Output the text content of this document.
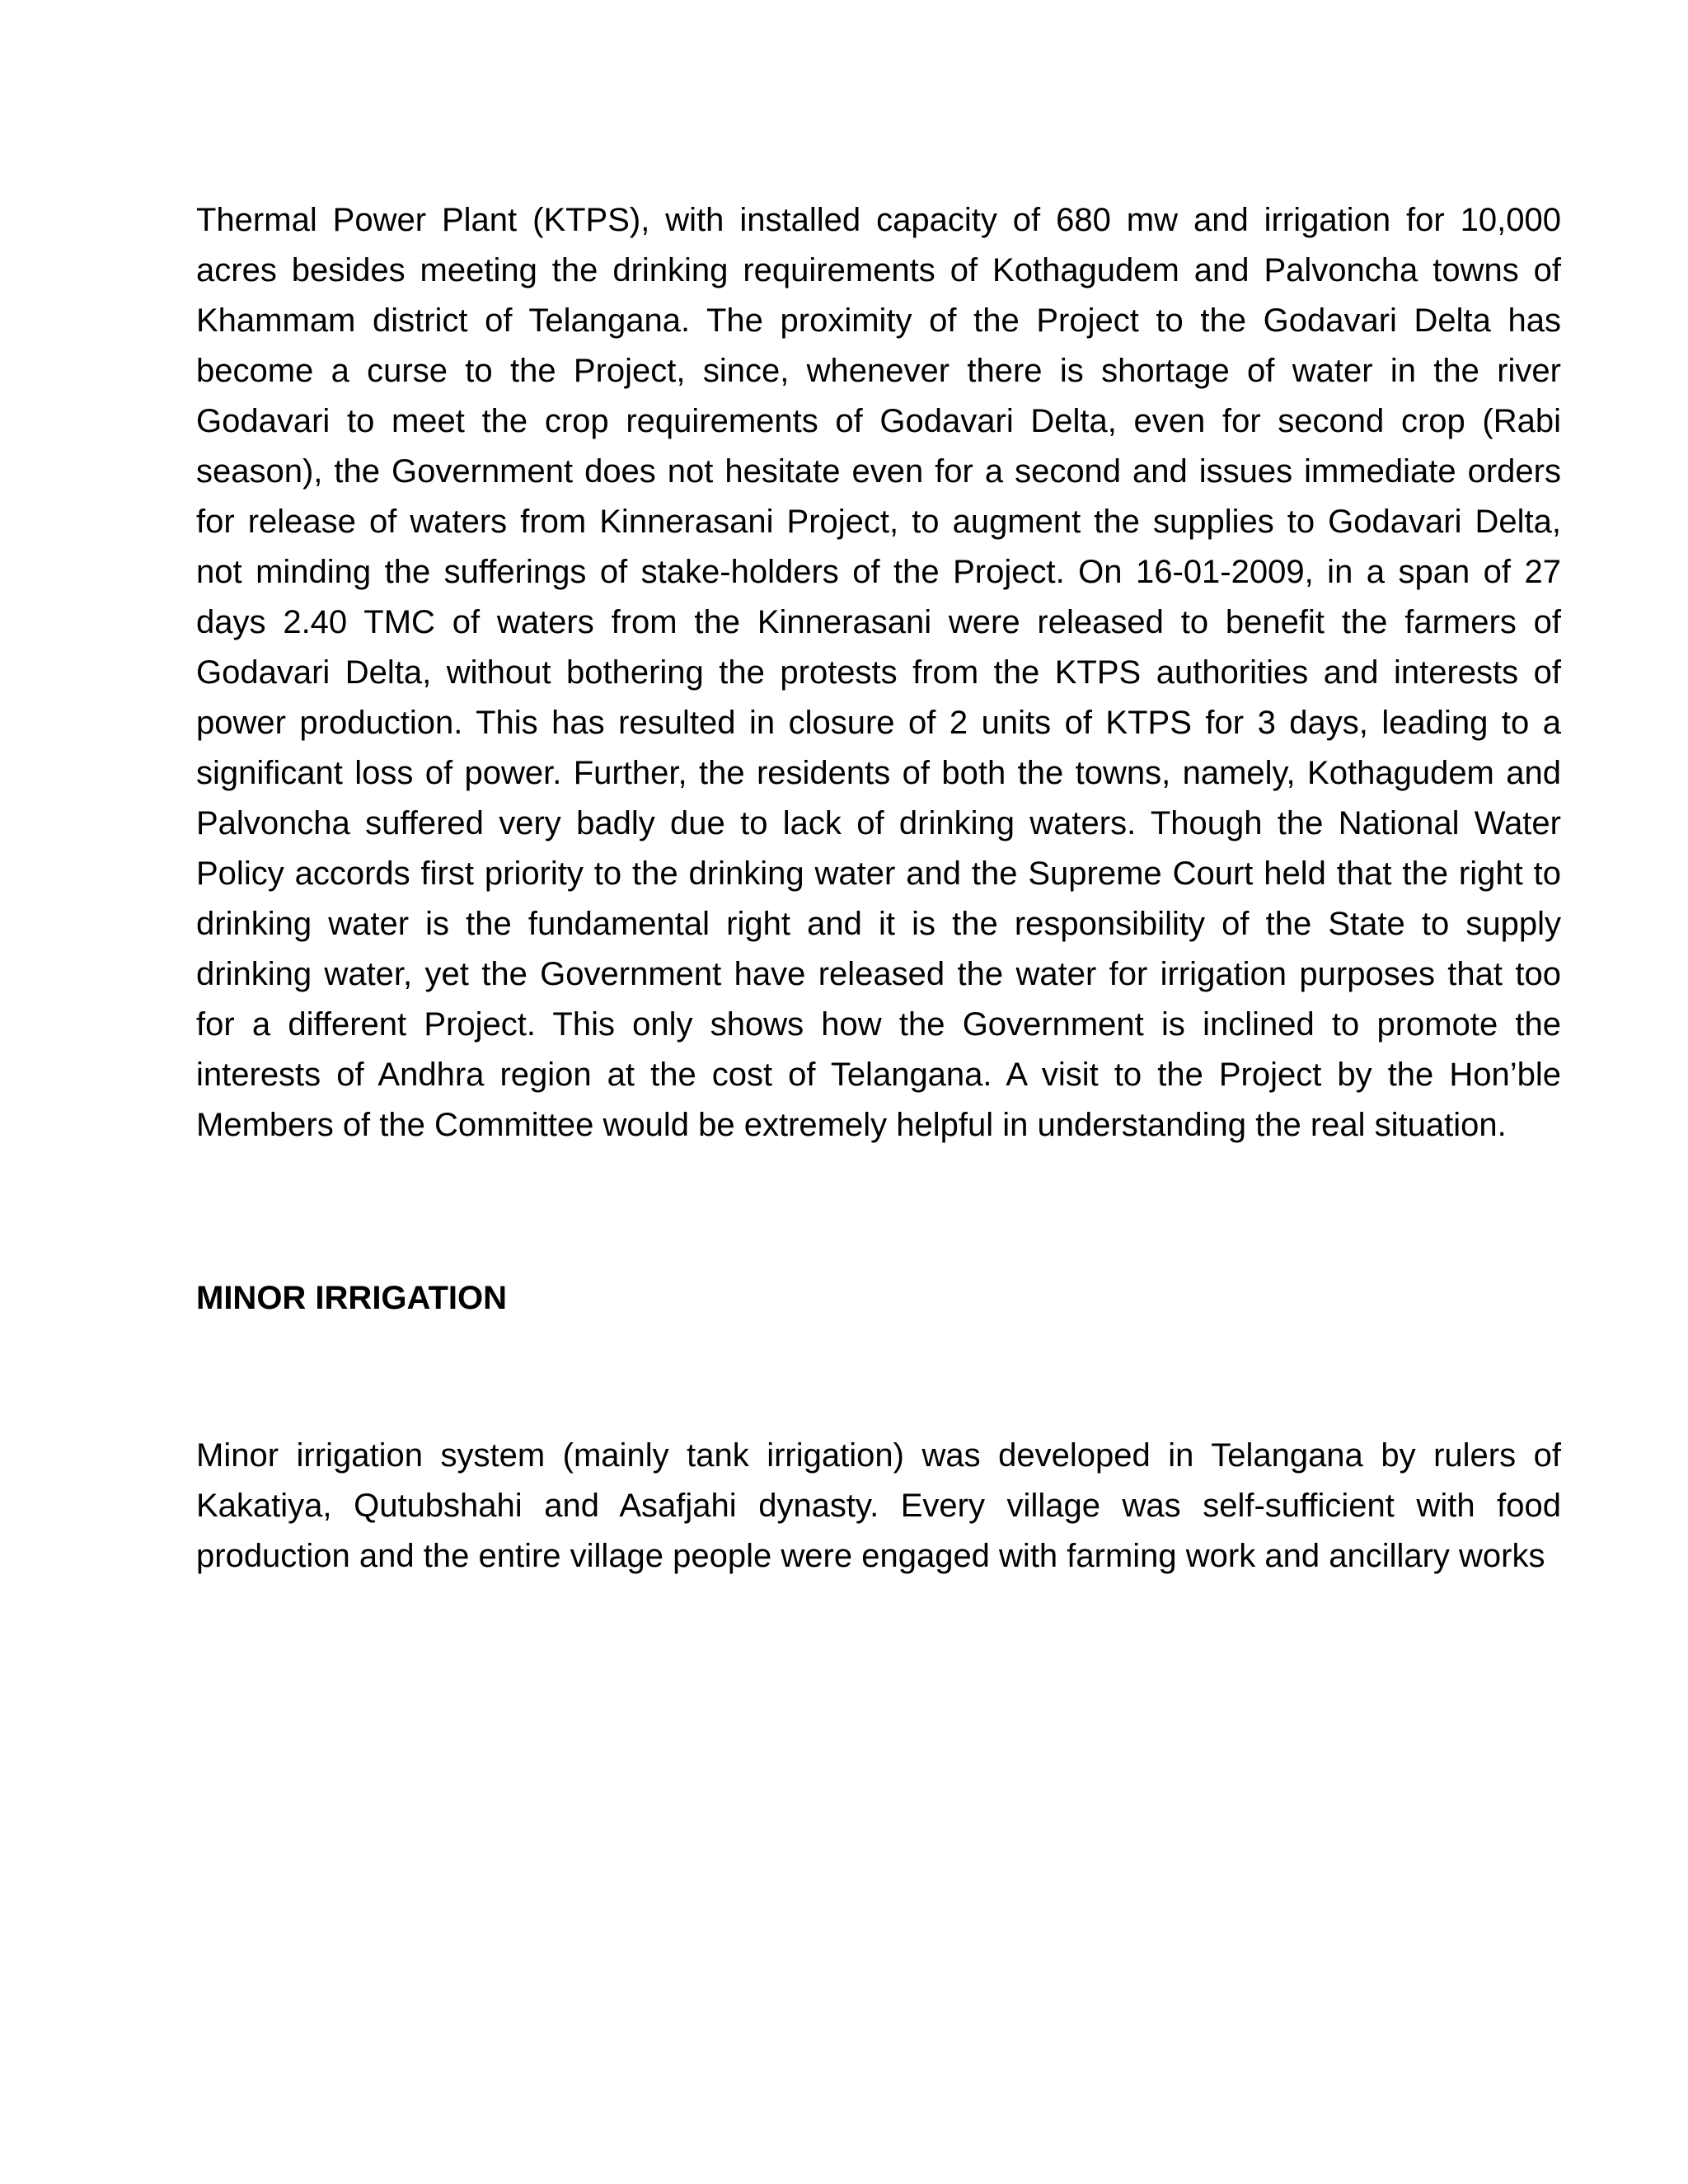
Thermal Power Plant (KTPS), with installed capacity of 680 mw and irrigation for 10,000 acres besides meeting the drinking requirements of Kothagudem and Palvoncha towns of Khammam district of Telangana. The proximity of the Project to the Godavari Delta has become a curse to the Project, since, whenever there is shortage of water in the river Godavari to meet the crop requirements of Godavari Delta, even for second crop (Rabi season), the Government does not hesitate even for a second and issues immediate orders for release of waters from Kinnerasani Project, to augment the supplies to Godavari Delta, not minding the sufferings of stake-holders of the Project. On 16-01-2009, in a span of 27 days 2.40 TMC of waters from the Kinnerasani were released to benefit the farmers of Godavari Delta, without bothering the protests from the KTPS authorities and interests of power production. This has resulted in closure of 2 units of KTPS for 3 days, leading to a significant loss of power. Further, the residents of both the towns, namely, Kothagudem and Palvoncha suffered very badly due to lack of drinking waters. Though the National Water Policy accords first priority to the drinking water and the Supreme Court held that the right to drinking water is the fundamental right and it is the responsibility of the State to supply drinking water, yet the Government have released the water for irrigation purposes that too for a different Project. This only shows how the Government is inclined to promote the interests of Andhra region at the cost of Telangana. A visit to the Project by the Hon’ble Members of the Committee would be extremely helpful in understanding the real situation.

MINOR IRRIGATION

Minor irrigation system (mainly tank irrigation) was developed in Telangana by rulers of Kakatiya, Qutubshahi and Asafjahi dynasty. Every village was self-sufficient with food production and the entire village people were engaged with farming work and ancillary works
